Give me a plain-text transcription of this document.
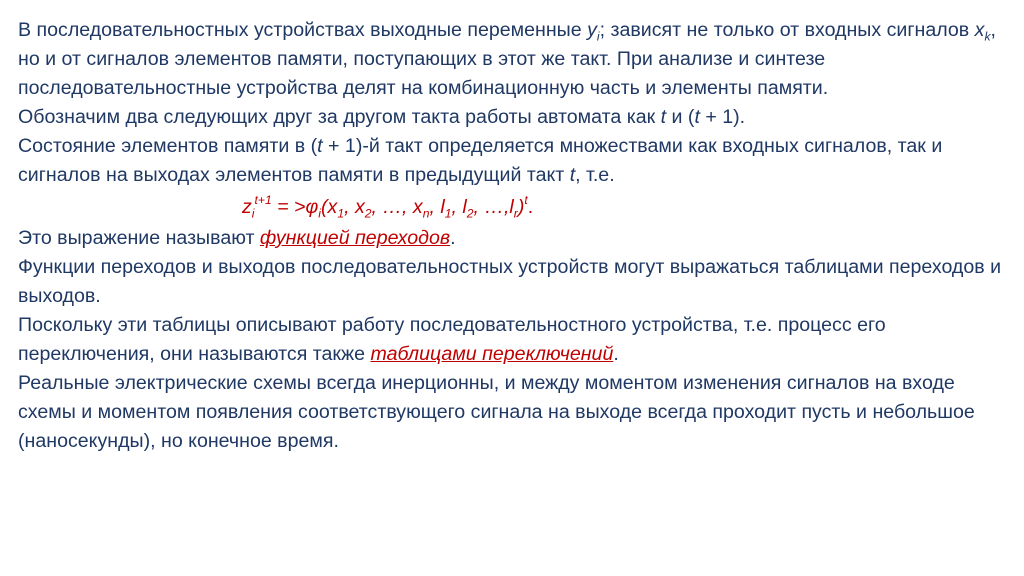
В последовательностных устройствах выходные переменные $y_i$; зависят не только от входных сигналов $x_k$, но и от сигналов элементов памяти, поступающих в этот же такт. При анализе и синтезе последовательностные устройства делят на комбинационную часть и элементы памяти.

Обозначим два следующих друг за другом такта работы автомата как t и (t + 1).

Состояние элементов памяти в (t + 1)-й такт определяется множествами как входных сигналов, так и сигналов на выходах элементов памяти в предыдущий такт t, т.е.

$z_i^{t+1} = >\varphi_i(x_1$, $x_2$, …, $x_n$, $l_1$, $l_2$, $\dots,l_r)^t$.

Это выражение называют функцией переходов.

Функции переходов и выходов последовательностных устройств могут выражаться таблицами переходов и выходов.

Поскольку эти таблицы описывают работу последовательностного устройства, т.е. процесс его переключения, они называются также таблицами переключений.

Реальные электрические схемы всегда инерционны, и между моментом изменения сигналов на входе схемы и моментом появления соответствующего сигнала на выходе всегда проходит пусть и небольшое (наносекунды), но конечное время.
